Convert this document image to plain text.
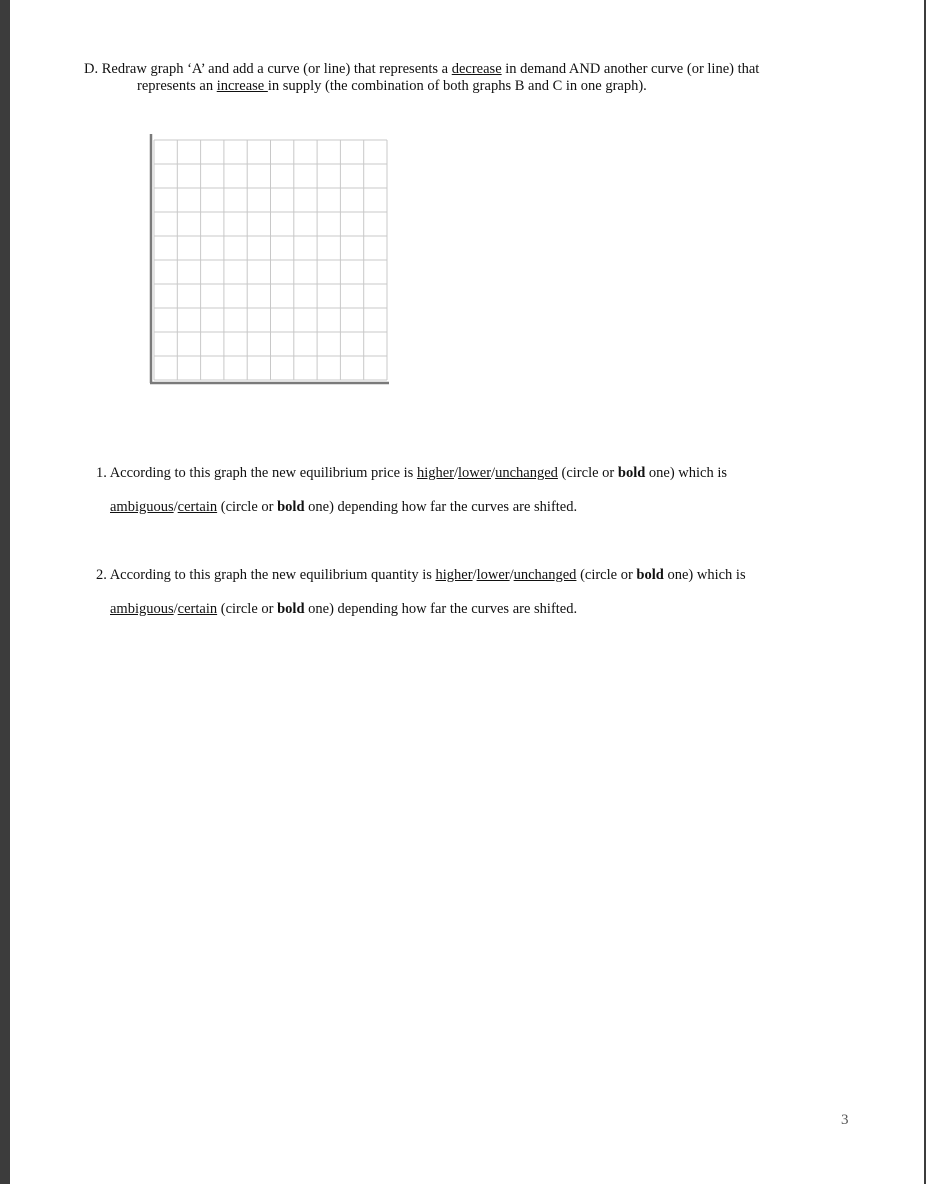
D. Redraw graph ‘A’ and add a curve (or line) that represents a decrease in demand AND another curve (or line) that
represents an increase in supply (the combination of both graphs B and C in one graph).
1. According to this graph the new equilibrium price is higher/lower/unchanged (circle or bold one) which is
ambiguous/certain (circle or bold one) depending how far the curves are shifted.
2. According to this graph the new equilibrium quantity is higher/lower/unchanged (circle or bold one) which is
ambiguous/certain (circle or bold one) depending how far the curves are shifted.
3
